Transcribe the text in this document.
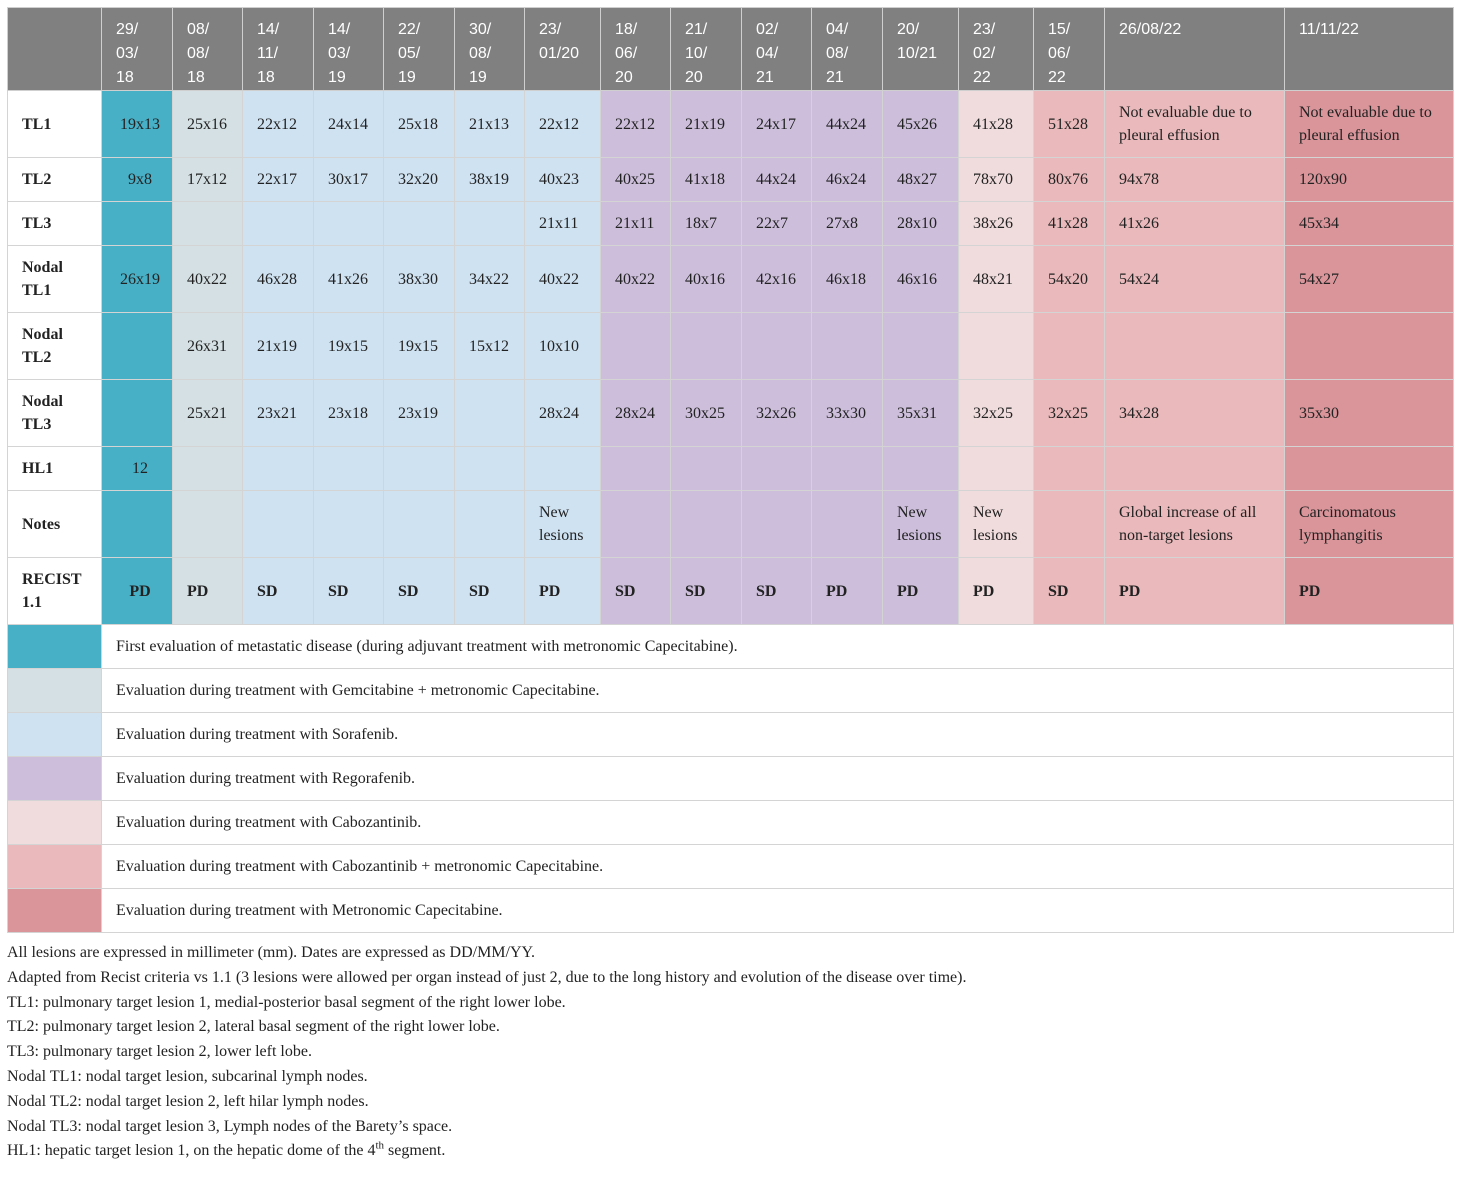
	29/
03/
18	08/
08/
18	14/
11/
18	14/
03/
19	22/
05/
19	30/
08/
19	23/
01/20	18/
06/
20	21/
10/
20	02/
04/
21	04/
08/
21	20/
10/21	23/
02/
22	15/
06/
22	26/08/22	11/11/22
TL1	19x13	25x16	22x12	24x14	25x18	21x13	22x12	22x12	21x19	24x17	44x24	45x26	41x28	51x28	Not evaluable due to pleural effusion	Not evaluable due to pleural effusion
TL2	9x8	17x12	22x17	30x17	32x20	38x19	40x23	40x25	41x18	44x24	46x24	48x27	78x70	80x76	94x78	120x90
TL3							21x11	21x11	18x7	22x7	27x8	28x10	38x26	41x28	41x26	45x34
Nodal TL1	26x19	40x22	46x28	41x26	38x30	34x22	40x22	40x22	40x16	42x16	46x18	46x16	48x21	54x20	54x24	54x27
Nodal TL2		26x31	21x19	19x15	19x15	15x12	10x10									
Nodal TL3		25x21	23x21	23x18	23x19		28x24	28x24	30x25	32x26	33x30	35x31	32x25	32x25	34x28	35x30
HL1	12															
Notes							New lesions					New lesions	New lesions		Global increase of all non-target lesions	Carcinomatous lymphangitis
RECIST 1.1	PD	PD	SD	SD	SD	SD	PD	SD	SD	SD	PD	PD	PD	SD	PD	PD
	First evaluation of metastatic disease (during adjuvant treatment with metronomic Capecitabine).															
	Evaluation during treatment with Gemcitabine + metronomic Capecitabine.															
	Evaluation during treatment with Sorafenib.															
	Evaluation during treatment with Regorafenib.															
	Evaluation during treatment with Cabozantinib.															
	Evaluation during treatment with Cabozantinib + metronomic Capecitabine.															
	Evaluation during treatment with Metronomic Capecitabine.															
All lesions are expressed in millimeter (mm). Dates are expressed as DD/MM/YY.
Adapted from Recist criteria vs 1.1 (3 lesions were allowed per organ instead of just 2, due to the long history and evolution of the disease over time).
TL1: pulmonary target lesion 1, medial-posterior basal segment of the right lower lobe.
TL2: pulmonary target lesion 2, lateral basal segment of the right lower lobe.
TL3: pulmonary target lesion 2, lower left lobe.
Nodal TL1: nodal target lesion, subcarinal lymph nodes.
Nodal TL2: nodal target lesion 2, left hilar lymph nodes.
Nodal TL3: nodal target lesion 3, Lymph nodes of the Barety’s space.
HL1: hepatic target lesion 1, on the hepatic dome of the 4th segment.
